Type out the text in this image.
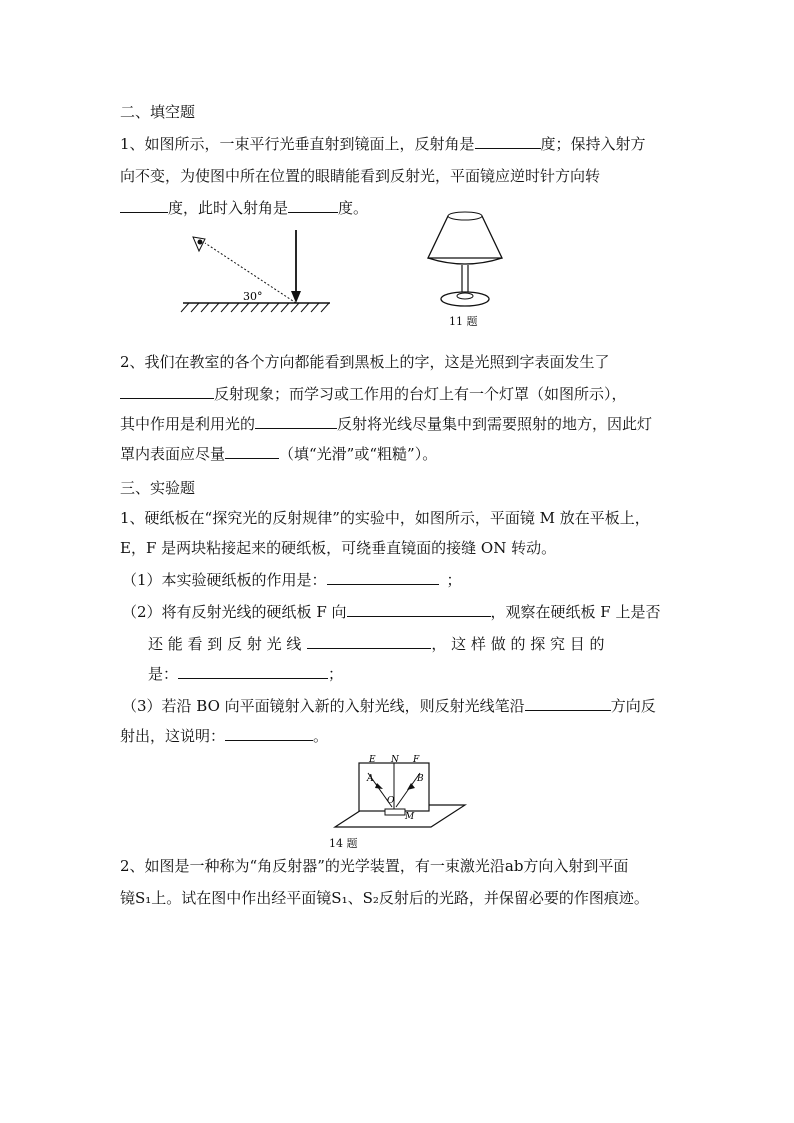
二、填空题
1、如图所示，一束平行光垂直射到镜面上，反射角是	度；保持入射方
向不变，为使图中所在位置的眼睛能看到反射光，平面镜应逆时针方向转
度，此时入射角是	度。
30°
11 题
2、我们在教室的各个方向都能看到黑板上的字，这是光照到字表面发生了
反射现象；而学习或工作用的台灯上有一个灯罩（如图所示），
其中作用是利用光的	反射将光线尽量集中到需要照射的地方，因此灯
罩内表面应尽量	（填“光滑”或“粗糙”）。
三、实验题
1、硬纸板在“探究光的反射规律”的实验中，如图所示，平面镜 M 放在平板上，
E，F 是两块粘接起来的硬纸板，可绕垂直镜面的接缝 ON 转动。
（1）本实验硬纸板的作用是：	；
（2）将有反射光线的硬纸板 F 向	，观察在硬纸板 F 上是否
还 能 看 到 反 射 光 线	， 这 样 做 的 探 究 目 的
是：	；
（3）若沿 BO 向平面镜射入新的入射光线，则反射光线笔沿	方向反
射出，这说明：	。
E N F
A	B
O
M
14 题
2、如图是一种称为“角反射器”的光学装置，有一束激光沿ab方向入射到平面
镜S₁上。试在图中作出经平面镜S₁、S₂反射后的光路，并保留必要的作图痕迹。
